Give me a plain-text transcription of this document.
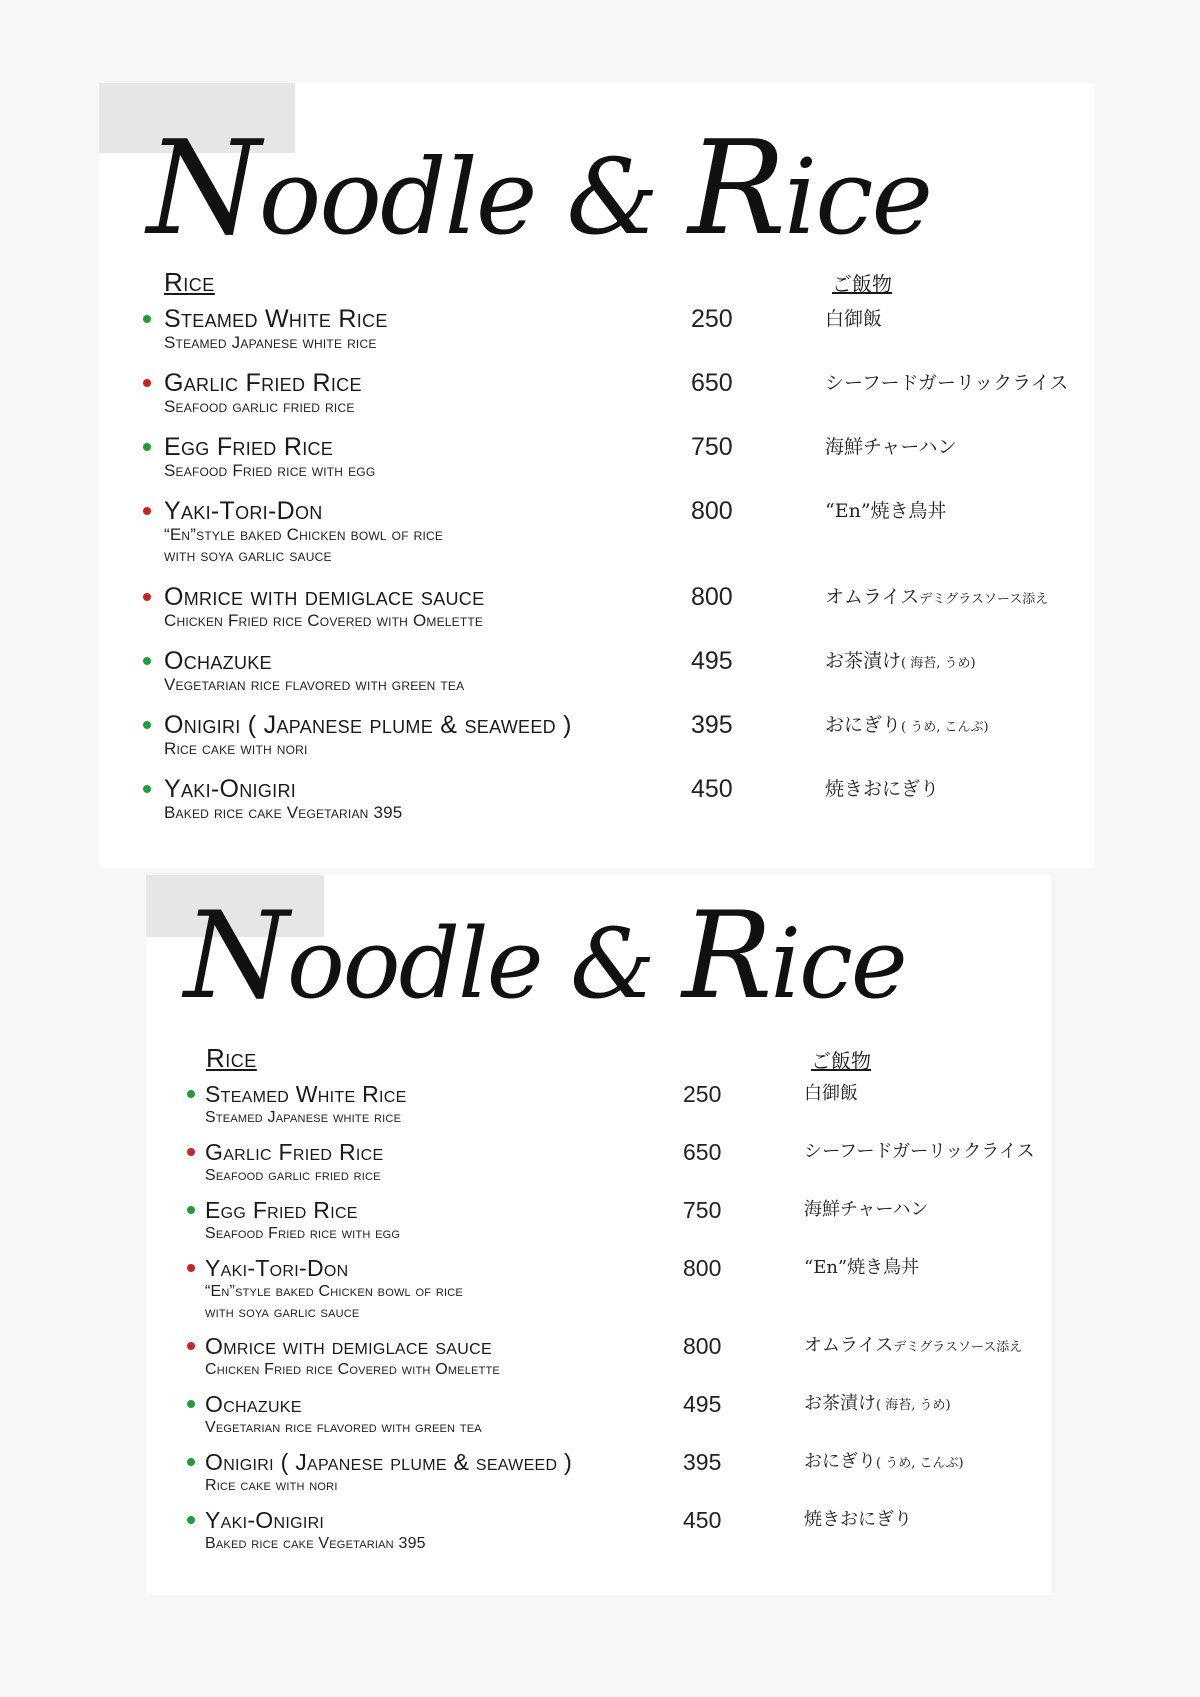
Noodle & Rice
Rice	ご飯物
Steamed White Rice
Steamed Japanese white rice
250	白御飯
Garlic Fried Rice
Seafood garlic fried rice
650	シーフードガーリックライス
Egg Fried Rice
Seafood Fried rice with egg
750	海鮮チャーハン
Yaki-Tori-Don
“En”style baked Chicken bowl of rice
with soya garlic sauce
800	“En”焼き鳥丼
Omrice with demiglace sauce
Chicken Fried rice Covered with Omelette
800	オムライスデミグラスソース添え
Ochazuke
Vegetarian rice flavored with green tea
495	お茶漬け( 海苔, うめ)
Onigiri ( Japanese plume & seaweed )
Rice cake with nori
395	おにぎり( うめ, こんぶ)
Yaki-Onigiri
Baked rice cake Vegetarian 395
450	焼きおにぎり
Noodle & Rice
Rice	ご飯物
Steamed White Rice
Steamed Japanese white rice
250	白御飯
Garlic Fried Rice
Seafood garlic fried rice
650	シーフードガーリックライス
Egg Fried Rice
Seafood Fried rice with egg
750	海鮮チャーハン
Yaki-Tori-Don
“En”style baked Chicken bowl of rice
with soya garlic sauce
800	“En”焼き鳥丼
Omrice with demiglace sauce
Chicken Fried rice Covered with Omelette
800	オムライスデミグラスソース添え
Ochazuke
Vegetarian rice flavored with green tea
495	お茶漬け( 海苔, うめ)
Onigiri ( Japanese plume & seaweed )
Rice cake with nori
395	おにぎり( うめ, こんぶ)
Yaki-Onigiri
Baked rice cake Vegetarian 395
450	焼きおにぎり
